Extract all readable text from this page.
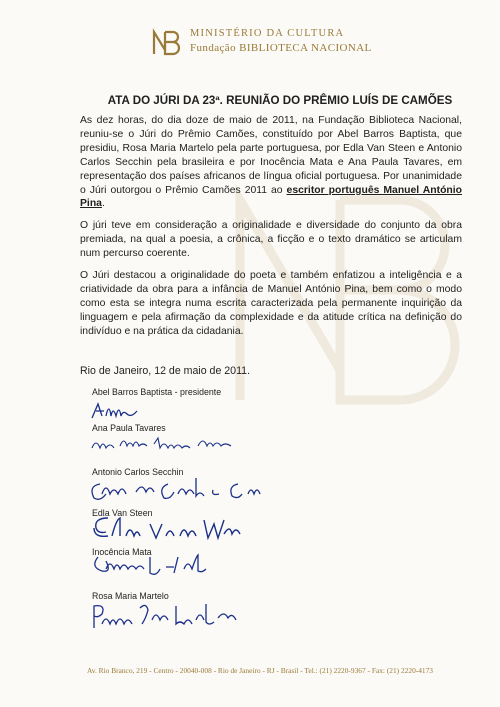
MINISTÉRIO DA CULTURA
Fundação BIBLIOTECA NACIONAL
ATA DO JÚRI DA 23ª. REUNIÃO DO PRÊMIO LUÍS DE CAMÕES

As dez horas, do dia doze de maio de 2011, na Fundação Biblioteca Nacional, reuniu-se o Júri do Prêmio Camões, constituído por Abel Barros Baptista, que presidiu, Rosa Maria Martelo pela parte portuguesa, por Edla Van Steen e Antonio Carlos Secchin pela brasileira e por Inocência Mata e Ana Paula Tavares, em representação dos países africanos de língua oficial portuguesa. Por unanimidade o Júri outorgou o Prêmio Camões 2011 ao escritor português Manuel António Pina.

O júri teve em consideração a originalidade e diversidade do conjunto da obra premiada, na qual a poesia, a crônica, a ficção e o texto dramático se articulam num percurso coerente.

O Júri destacou a originalidade do poeta e também enfatizou a inteligência e a criatividade da obra para a infância de Manuel António Pina, bem como o modo como esta se integra numa escrita caracterizada pela permanente inquirição da linguagem e pela afirmação da complexidade e da atitude crítica na definição do indivíduo e na prática da cidadania.

Rio de Janeiro, 12 de maio de 2011.
Abel Barros Baptista - presidente
Ana Paula Tavares
Antonio Carlos Secchin
Edla Van Steen
Inocência Mata
Rosa Maria Martelo
Av. Rio Branco, 219 - Centro - 20040-008 - Rio de Janeiro - RJ - Brasil - Tel.: (21) 2220-9367 - Fax: (21) 2220-4173
